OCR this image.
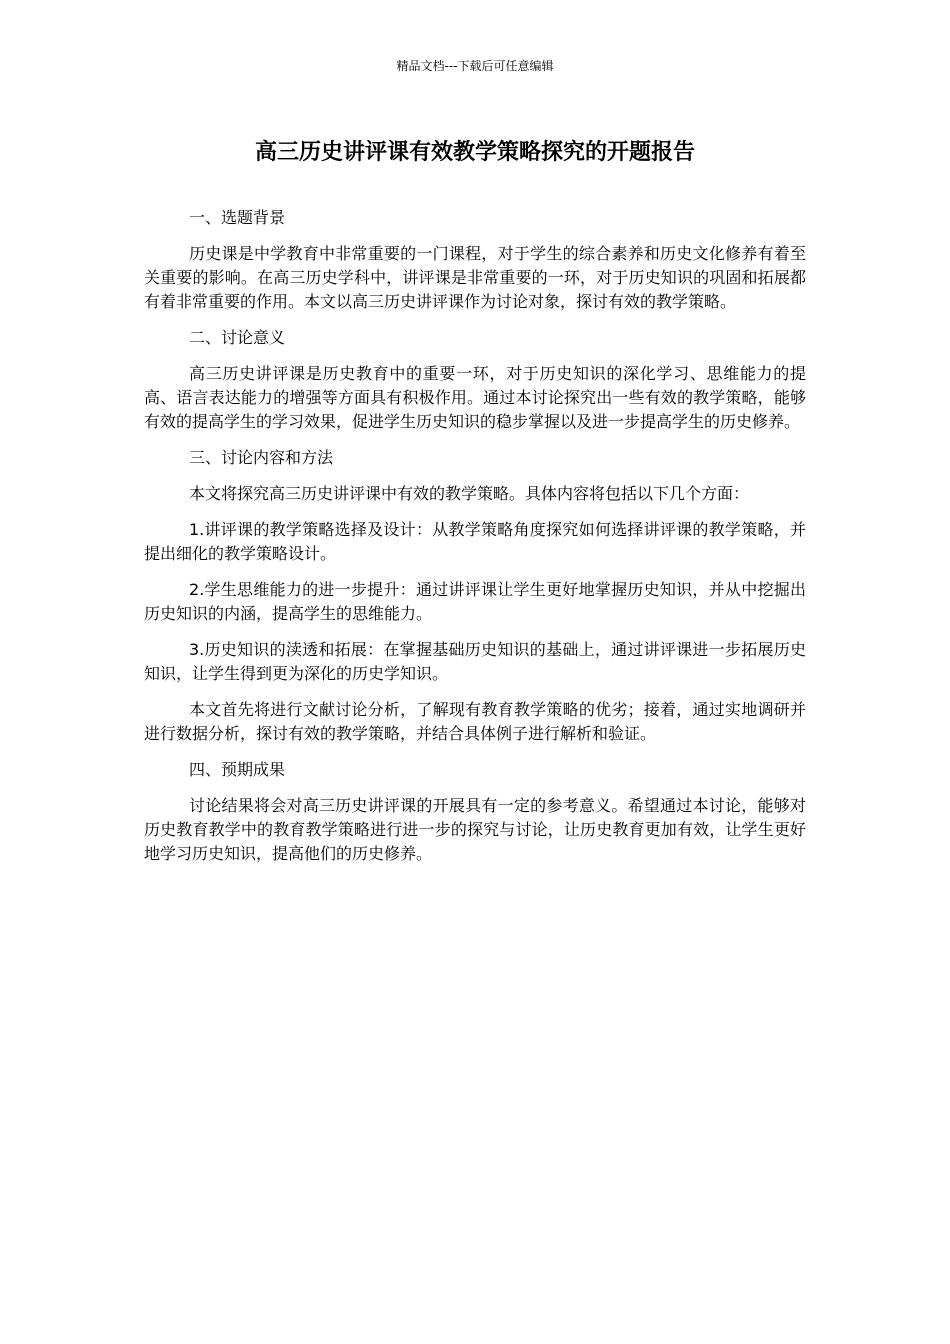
精品文档---下载后可任意编辑
高三历史讲评课有效教学策略探究的开题报告

一、选题背景

历史课是中学教育中非常重要的一门课程，对于学生的综合素养和历史文化修养有着至关重要的影响。在高三历史学科中，讲评课是非常重要的一环，对于历史知识的巩固和拓展都有着非常重要的作用。本文以高三历史讲评课作为讨论对象，探讨有效的教学策略。

二、讨论意义

高三历史讲评课是历史教育中的重要一环，对于历史知识的深化学习、思维能力的提高、语言表达能力的增强等方面具有积极作用。通过本讨论探究出一些有效的教学策略，能够有效的提高学生的学习效果，促进学生历史知识的稳步掌握以及进一步提高学生的历史修养。

三、讨论内容和方法

本文将探究高三历史讲评课中有效的教学策略。具体内容将包括以下几个方面：

1.讲评课的教学策略选择及设计：从教学策略角度探究如何选择讲评课的教学策略，并提出细化的教学策略设计。

2.学生思维能力的进一步提升：通过讲评课让学生更好地掌握历史知识，并从中挖掘出历史知识的内涵，提高学生的思维能力。

3.历史知识的渎透和拓展：在掌握基础历史知识的基础上，通过讲评课进一步拓展历史知识，让学生得到更为深化的历史学知识。

本文首先将进行文献讨论分析，了解现有教育教学策略的优劣；接着，通过实地调研并进行数据分析，探讨有效的教学策略，并结合具体例子进行解析和验证。

四、预期成果

讨论结果将会对高三历史讲评课的开展具有一定的参考意义。希望通过本讨论，能够对历史教育教学中的教育教学策略进行进一步的探究与讨论，让历史教育更加有效，让学生更好地学习历史知识，提高他们的历史修养。
